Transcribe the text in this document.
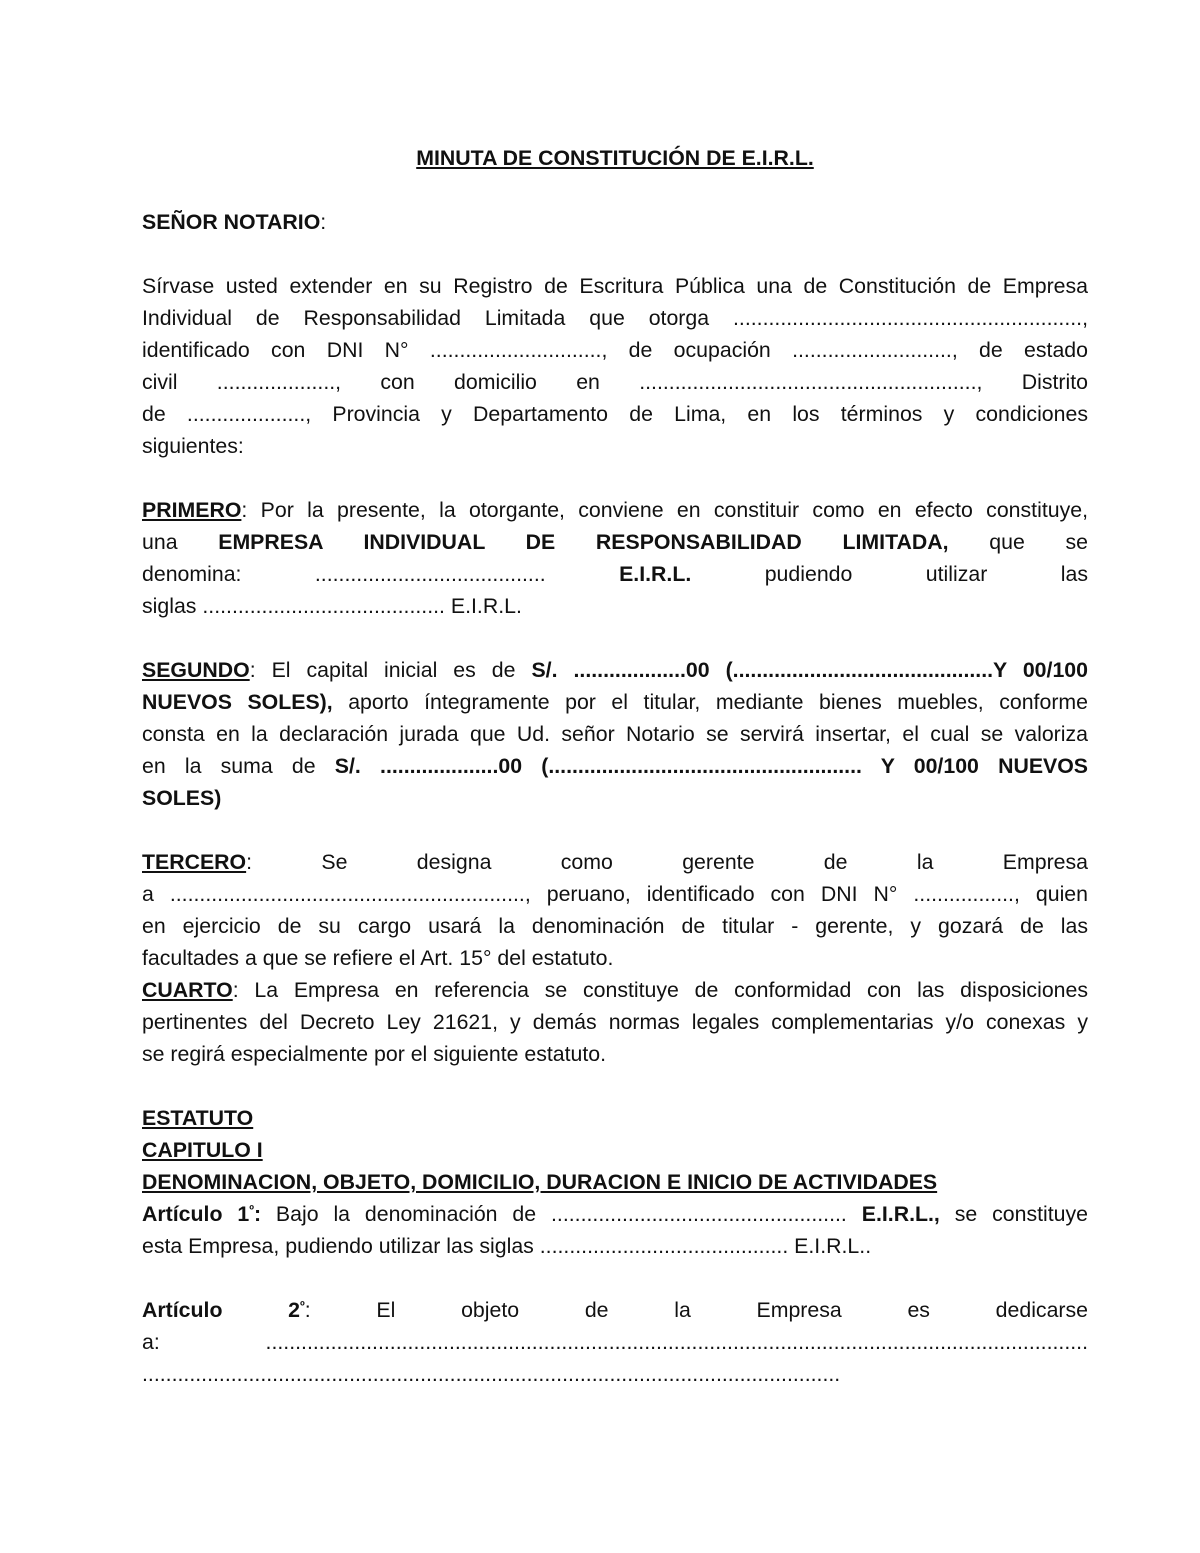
MINUTA DE CONSTITUCIÓN DE E.I.R.L.
SEÑOR NOTARIO:
Sírvase usted extender en su Registro de Escritura Pública una de Constitución de Empresa
Individual de Responsabilidad Limitada que otorga ...........................................................,
identificado con DNI N° ............................., de ocupación ..........................., de estado
civil ...................., con domicilio en ........................................................., Distrito
de ...................., Provincia y Departamento de Lima, en los términos y condiciones
siguientes:
PRIMERO: Por la presente, la otorgante, conviene en constituir como en efecto constituye,
una EMPRESA INDIVIDUAL DE RESPONSABILIDAD LIMITADA, que se
denomina: ....................................... E.I.R.L. pudiendo utilizar las
siglas ......................................... E.I.R.L.
SEGUNDO: El capital inicial es de S/. ...................00 (............................................Y 00/100
NUEVOS SOLES), aporto íntegramente por el titular, mediante bienes muebles, conforme
consta en la declaración jurada que Ud. señor Notario se servirá insertar, el cual se valoriza
en la suma de S/. ....................00 (..................................................... Y 00/100 NUEVOS
SOLES)
TERCERO: Se designa como gerente de la Empresa
a ............................................................, peruano, identificado con DNI N° ................., quien
en ejercicio de su cargo usará la denominación de titular - gerente, y gozará de las
facultades a que se refiere el Art. 15° del estatuto.
CUARTO: La Empresa en referencia se constituye de conformidad con las disposiciones
pertinentes del Decreto Ley 21621, y demás normas legales complementarias y/o conexas y
se regirá especialmente por el siguiente estatuto.
ESTATUTO
CAPITULO I
DENOMINACION, OBJETO, DOMICILIO, DURACION E INICIO DE ACTIVIDADES
Artículo $1^º$: Bajo la denominación de .................................................. E.I.R.L., se constituye
esta Empresa, pudiendo utilizar las siglas .......................................... E.I.R.L..
Artículo $2^º$: El objeto de la Empresa es dedicarse
a: ...........................................................................................................................................
......................................................................................................................
